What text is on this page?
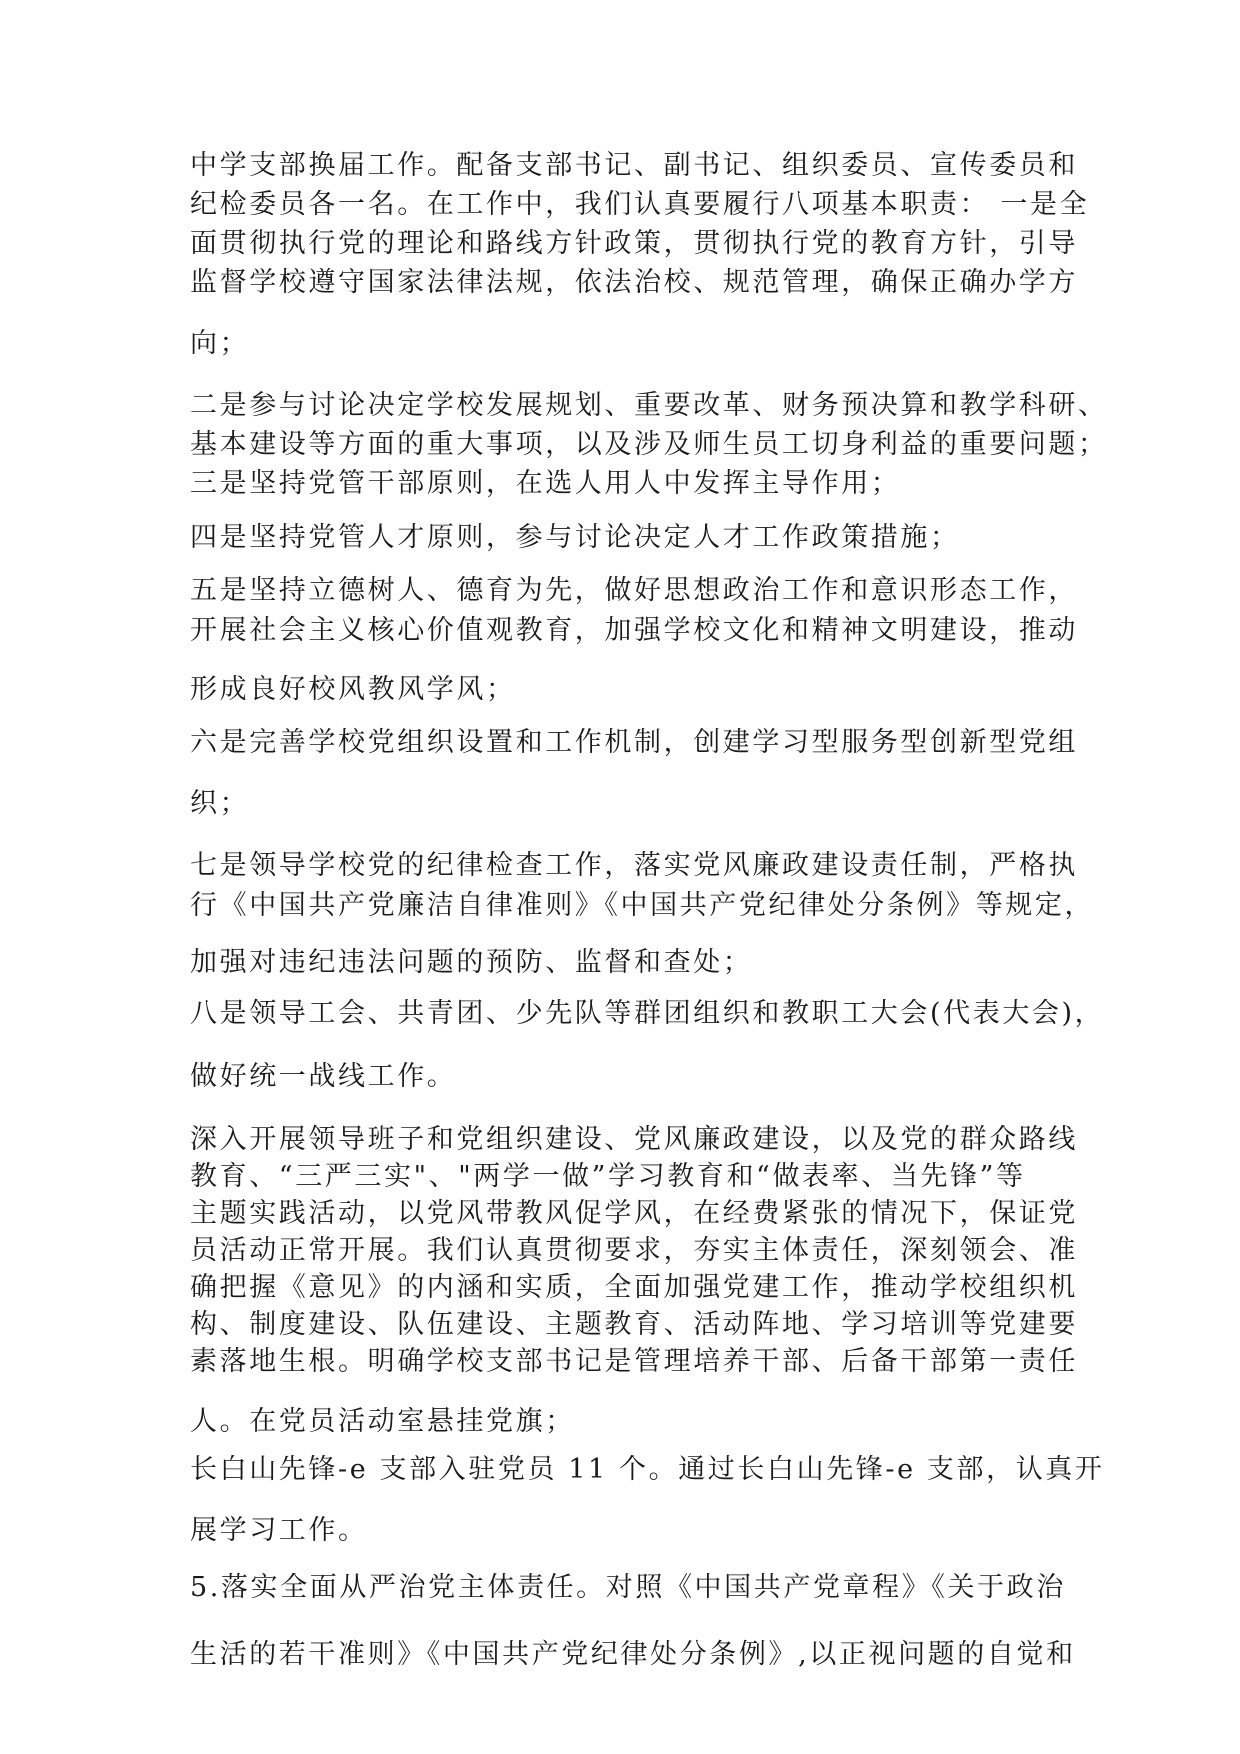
中学支部换届工作。配备支部书记、副书记、组织委员、宣传委员和
纪检委员各一名。在工作中，我们认真要履行八项基本职责： 一是全
面贯彻执行党的理论和路线方针政策，贯彻执行党的教育方针，引导
监督学校遵守国家法律法规，依法治校、规范管理，确保正确办学方
向；
二是参与讨论决定学校发展规划、重要改革、财务预决算和教学科研、
基本建设等方面的重大事项，以及涉及师生员工切身利益的重要问题；
三是坚持党管干部原则，在选人用人中发挥主导作用；
四是坚持党管人才原则，参与讨论决定人才工作政策措施；
五是坚持立德树人、德育为先，做好思想政治工作和意识形态工作，
开展社会主义核心价值观教育，加强学校文化和精神文明建设，推动
形成良好校风教风学风；
六是完善学校党组织设置和工作机制，创建学习型服务型创新型党组
织；
七是领导学校党的纪律检查工作，落实党风廉政建设责任制，严格执
行《中国共产党廉洁自律准则》《中国共产党纪律处分条例》等规定，
加强对违纪违法问题的预防、监督和查处；
八是领导工会、共青团、少先队等群团组织和教职工大会(代表大会)，
做好统一战线工作。
深入开展领导班子和党组织建设、党风廉政建设，以及党的群众路线
教育、“三严三实"、"两学一做”学习教育和“做表率、当先锋”等
主题实践活动，以党风带教风促学风，在经费紧张的情况下，保证党
员活动正常开展。我们认真贯彻要求，夯实主体责任，深刻领会、准
确把握《意见》的内涵和实质，全面加强党建工作，推动学校组织机
构、制度建设、队伍建设、主题教育、活动阵地、学习培训等党建要
素落地生根。明确学校支部书记是管理培养干部、后备干部第一责任
人。在党员活动室悬挂党旗；
长白山先锋-e 支部入驻党员 11 个。通过长白山先锋-e 支部，认真开
展学习工作。
5.落实全面从严治党主体责任。对照《中国共产党章程》《关于政治
生活的若干准则》《中国共产党纪律处分条例》,以正视问题的自觉和
